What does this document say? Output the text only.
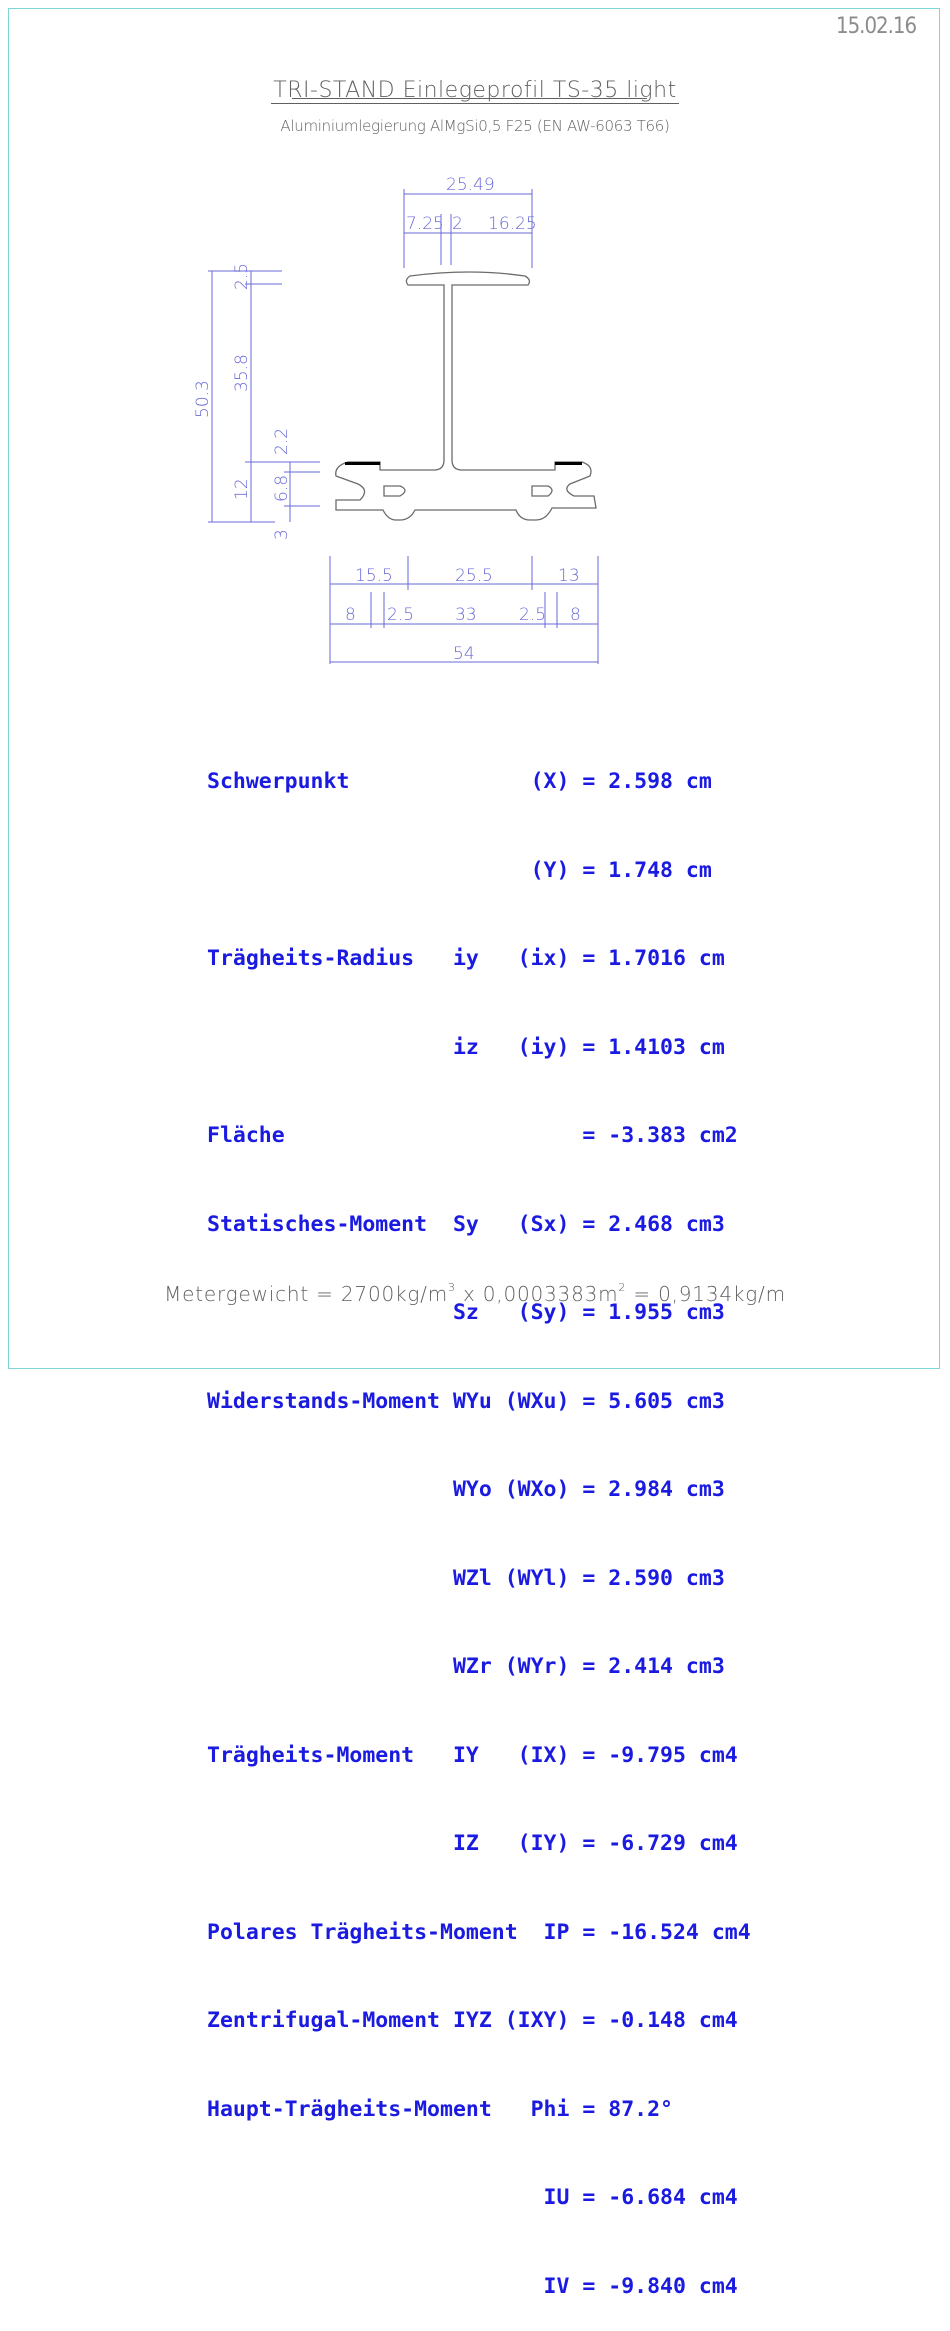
15.02.16
TRI-STAND Einlegeprofil TS-35 light
Aluminiumlegierung AlMgSi0,5 F25 (EN AW-6063 T66)
25.49
7.25 2 16.25
50.3
2.5
35.8
12
2.2
6.8
3
15.5	25.5	13
8 2.5 33 2.5 8
54

Schwerpunkt              (X) = 2.598 cm

(Y) = 1.748 cm

Trägheits-Radius   iy   (ix) = 1.7016 cm

iz   (iy) = 1.4103 cm

Fläche                       = -3.383 cm2

Statisches-Moment  Sy   (Sx) = 2.468 cm3

Sz   (Sy) = 1.955 cm3

Widerstands-Moment WYu (WXu) = 5.605 cm3

WYo (WXo) = 2.984 cm3

WZl (WYl) = 2.590 cm3

WZr (WYr) = 2.414 cm3

Trägheits-Moment   IY   (IX) = -9.795 cm4

IZ   (IY) = -6.729 cm4

Polares Trägheits-Moment  IP = -16.524 cm4

Zentrifugal-Moment IYZ (IXY) = -0.148 cm4

Haupt-Trägheits-Moment   Phi = 87.2°

IU = -6.684 cm4

IV = -9.840 cm4

Metergewicht = $2700kg/m^3$ x $0,0003383m^2 = 0,9134kg/m$
